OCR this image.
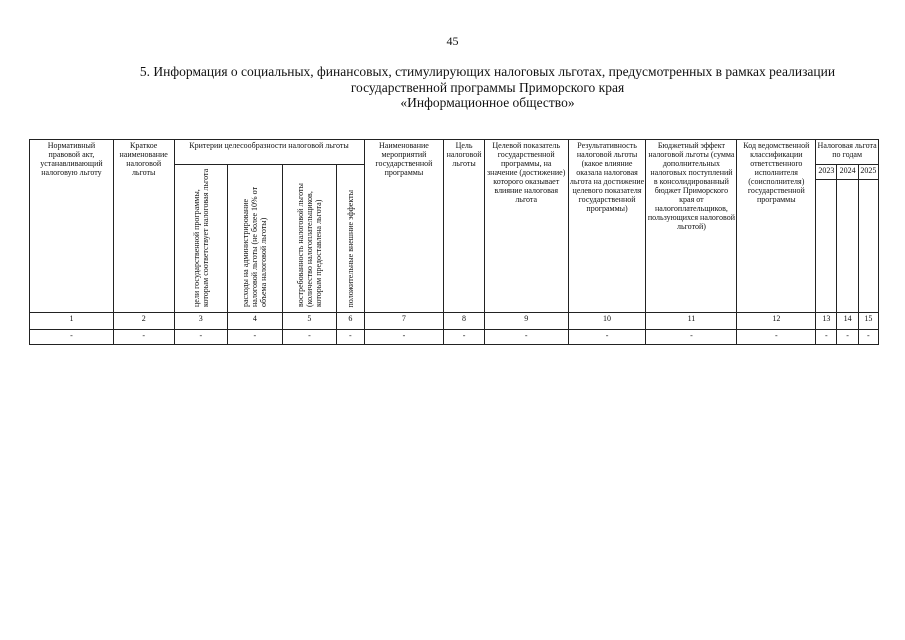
45
5. Информация о социальных, финансовых, стимулирующих налоговых льготах, предусмотренных в рамках реализации
государственной программы Приморского края
«Информационное общество»
Нормативный правовой акт, устанавливающий налоговую льготу	Краткое наименование налоговой льготы	Критерии целесообразности налоговой льготы				Наименование мероприятий государственной программы	Цель налоговой льготы	Целевой показатель государственной программы, на значение (достижение) которого оказывает влияние налоговая льгота	Результативность налоговой льготы (какое влияние оказала налоговая льгота на достижение целевого показателя государственной программы)	Бюджетный эффект налоговой льготы (сумма дополнительных налоговых поступлений в консолидированный бюджет Приморского края от налогоплательщиков, пользующихся налоговой льготой)	Код ведомственной классификации ответственного исполнителя (соисполнителя) государственной программы	Налоговая льгота по годам		
		цели государственной программы, которым соответствует налоговая льгота	расходы на администрирование налоговой льготы (не более 10% от объема налоговой льготы)	востребованность налоговой льготы (количество налогоплательщиков, которым предоставлена льгота)	положительные внешние эффекты							2023	2024	2025

1	2	3	4	5	6	7	8	9	10	11	12	13	14	15
-	-	-	-	-	-	-	-	-	-	-	-	-	-	-
